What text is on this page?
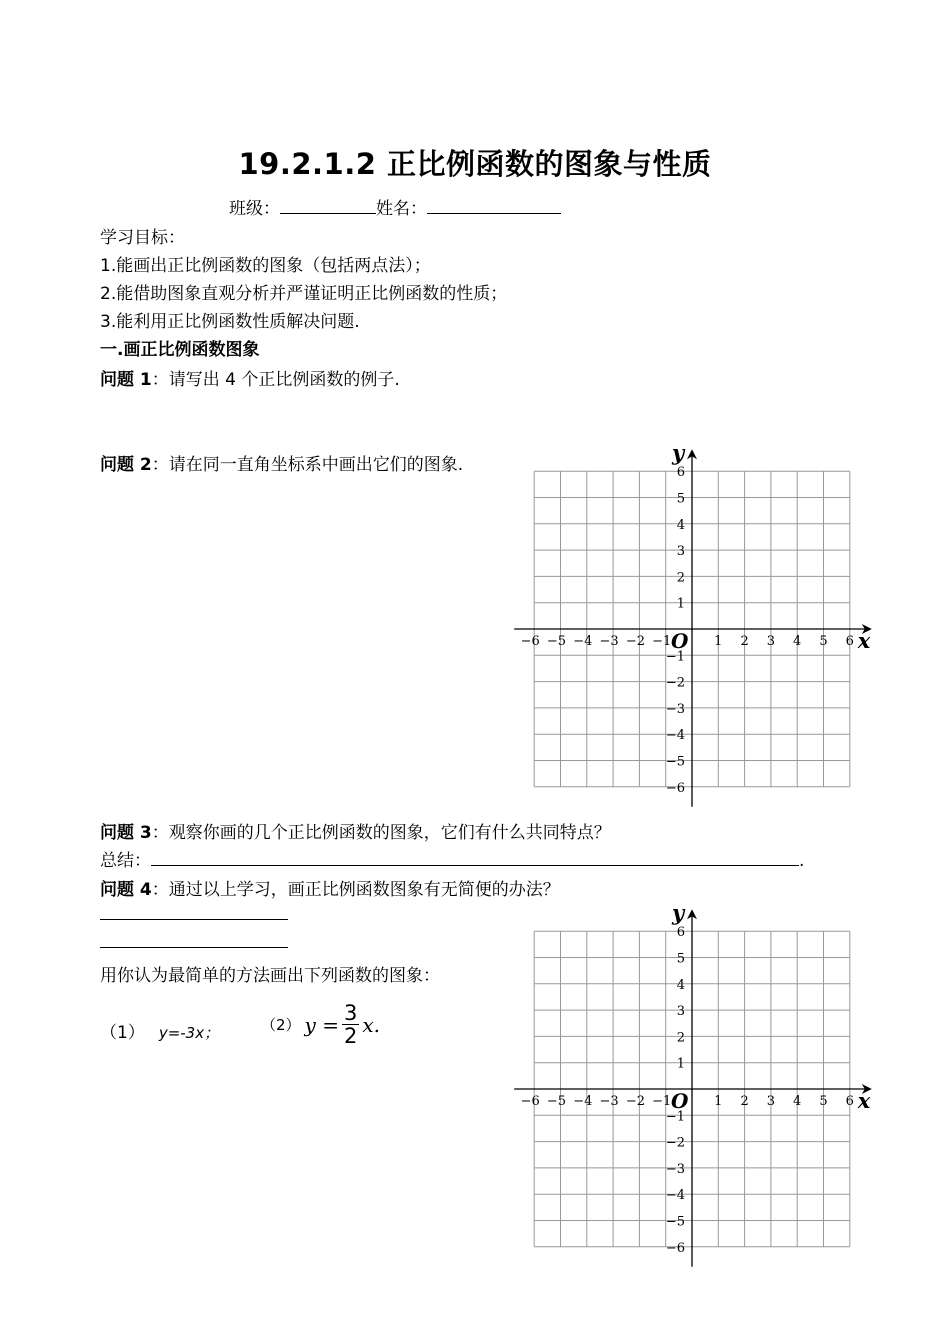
19.2.1.2 正比例函数的图象与性质
班级：	姓名：
学习目标：
1.能画出正比例函数的图象（包括两点法）；
2.能借助图象直观分析并严谨证明正比例函数的性质；
3.能利用正比例函数性质解决问题.
一.画正比例函数图象
问题 1：请写出 4 个正比例函数的例子.
问题 2：请在同一直角坐标系中画出它们的图象.
问题 3：观察你画的几个正比例函数的图象，它们有什么共同特点？
总结：	.
问题 4：通过以上学习，画正比例函数图象有无简便的办法？
用你认为最简单的方法画出下列函数的图象：
（1） y=-3x；	（2） $y = \frac{3}{2} x$.
−6 −5 −4 −3 −2 −1	1 2 3 4 5 6
6
5
4
3
2
1
−1
−2
−3
−4
−5
−6
O	x
y
−6 −5 −4 −3 −2 −1	1 2 3 4 5 6
6
5
4
3
2
1
−1
−2
−3
−4
−5
−6
O	x
y
